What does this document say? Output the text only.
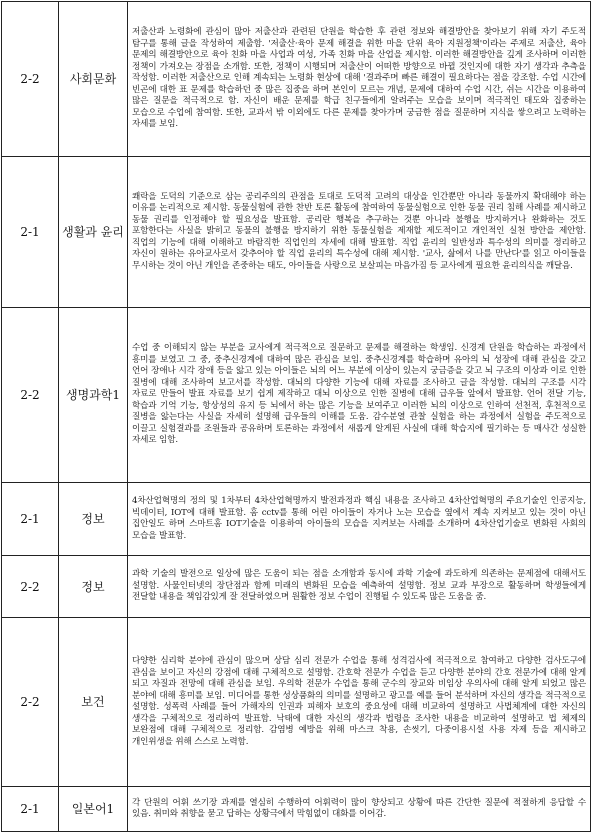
2-2	사회문화	저출산과 노령화에 관심이 많아 저출산과 관련된 단원을 학습한 후 관련 정보와 해결방안을 찾아보기 위해 자기 주도적 탐구를 통해 글을 작성하여 제출함. '저출산·육아 문제 해결을 위한 마을 단위 육아 지원정책'이라는 주제로 저출산, 육아 문제의 해결방안으로 육아 친화 마을 사업과 여성, 가족 친화 마을 산업을 제시함. 이러한 해결방안을 깊게 조사하며 이러한 정책이 가져오는 장점을 소개함. 또한, 정책이 시행되며 저출산이 어떠한 방향으로 바뀔 것인지에 대한 자기 생각과 추측을 작성함. 이러한 저출산으로 인해 계속되는 노령화 현상에 대해 '결과주며 빠른 해결이 필요하다는 점을 강조함. 수업 시간에 빈곤에 대한 표 문제를 학습하던 중 많은 집중을 하며 본인이 모르는 개념, 문제에 대하여 수업 시간, 쉬는 시간을 이용하여 많은 질문을 적극적으로 함. 자신이 배운 문제를 학급 친구들에게 알려주는 모습을 보이며 적극적인 태도와 집중하는 모습으로 수업에 참여함. 또한, 교과서 밖 이외에도 다른 문제를 찾아가며 궁금한 점을 질문하며 지식을 쌓으려고 노력하는 자세를 보임.
2-1	생활과 윤리	쾌락을 도덕의 기준으로 삼는 공리주의의 관점을 토대로 도덕적 고려의 대상을 인간뿐만 아니라 동물까지 확대해야 하는 이유를 논리적으로 제시함. 동물실험에 관한 찬반 토론 활동에 참여하여 동물실험으로 인한 동물 권리 침해 사례를 제시하고 동물 권리를 인정해야 할 필요성을 발표함. 공리란 행복을 추구하는 것뿐 아니라 불행을 방지하거나 완화하는 것도 포함한다는 사실을 밝히고 동물의 불행을 방지하기 위한 동물실험을 제재할 제도적이고 개인적인 실천 방안을 제안함. 직업의 기능에 대해 이해하고 바람직한 직업인의 자세에 대해 발표함. 직업 윤리의 일반성과 특수성의 의미를 정리하고 자신이 원하는 유아교사로서 갖추어야 할 직업 윤리의 특수성에 대해 제시함. '교사, 삶에서 나를 만난다'를 읽고 아이들을 무시하는 것이 아닌 개인을 존중하는 태도, 아이들을 사랑으로 보살피는 마음가짐 등 교사에게 필요한 윤리의식을 깨달음.
2-2	생명과학1	수업 중 이해되지 않는 부분을 교사에게 적극적으로 질문하고 문제를 해결하는 학생임. 신경계 단원을 학습하는 과정에서 흥미를 보였고 그 중, 중추신경계에 대하여 많은 관심을 보임. 중추신경계를 학습하며 유아의 뇌 성장에 대해 관심을 갖고 언어 장애나 시각 장애 등을 앓고 있는 아이들은 뇌의 어느 부분에 이상이 있는지 궁금증을 갖고 뇌 구조의 이상과 이로 인한 질병에 대해 조사하여 보고서를 작성함. 대뇌의 다양한 기능에 대해 자료를 조사하고 글을 작성함. 대뇌의 구조를 시각 자료로 만들어 발표 자료를 보기 쉽게 제작하고 대뇌 이상으로 인한 질병에 대해 급우들 앞에서 발표함. 언어 전달 기능, 학습과 기억 기능, 항상성의 유지 등 뇌에서 하는 많은 기능을 보여주고 이러한 뇌의 이상으로 인하여 선천적, 후천적으로 질병을 앓는다는 사실을 자세히 설명해 급우들의 이해를 도움. 감수분열 관찰 실험을 하는 과정에서 실험을 주도적으로 이끌고 실험결과를 조원들과 공유하며 토론하는 과정에서 새롭게 알게된 사실에 대해 학습지에 필기하는 등 매사간 성실한 자세로 임함.
2-1	정보	4차산업혁명의 정의 및 1차부터 4차산업혁명까지 발전과정과 핵심 내용을 조사하고 4차산업혁명의 주요기술인 인공지능, 빅데이터, IOT에 대해 발표함. 홈 cctv를 통해 어린 아이들이 자거나 노는 모습을 옆에서 계속 지켜보고 있는 것이 아닌 집안일도 하며 스마트홈 IOT기술을 이용하여 아이들의 모습을 지켜보는 사례를 소개하며 4차산업기술로 변화된 사회의 모습을 발표함.
2-2	정보	과학 기술의 발전으로 일상에 많은 도움이 되는 점을 소개함과 동시에 과학 기술에 과도하게 의존하는 문제점에 대해서도 설명함. 사물인터넷의 장단점과 함께 미래의 변화된 모습을 예측하여 설명함. 정보 교과 부장으로 활동하며 학생들에게 전달할 내용을 책임감있게 잘 전달하였으며 원활한 정보 수업이 진행될 수 있도록 많은 도움을 줌.
2-2	보건	다양한 심리학 분야에 관심이 많으며 상담 심리 전문가 수업을 통해 성격검사에 적극적으로 참여하고 다양한 검사도구에 관심을 보이고 자신의 강점에 대해 구체적으로 설명함. 간호학 전문가 수업을 듣고 다양한 분야의 간호 전문가에 대해 알게 되고 자질과 전망에 대해 관심을 보임. 우의학 전문가 수업을 통해 군수의 장교와 비임상 우의사에 대해 알게 되었고 많은 분야에 대해 흥미를 보임. 미디어를 통한 성상품화의 의미를 설명하고 광고를 예를 들어 분석하며 자신의 생각을 적극적으로 설명함. 성폭력 사례를 들어 가해자의 인권과 피해자 보호의 중요성에 대해 비교하여 설명하고 사법체계에 대한 자신의 생각을 구체적으로 정리하여 발표함. 낙태에 대한 자신의 생각과 법령을 조사한 내용을 비교하여 설명하고 법 체제의 보완점에 대해 구체적으로 정리함. 감염병 예방을 위해 마스크 착용, 손씻기, 다중이용시설 사용 자제 등을 제시하고 개인위생을 위해 스스로 노력함.
2-1	일본어1	각 단원의 어휘 쓰기장 과제를 열심히 수행하여 어휘력이 많이 향상되고 상황에 따른 간단한 질문에 적절하게 응답할 수 있음. 취미와 취향을 묻고 답하는 상황극에서 막힘없이 대화를 이어감.
